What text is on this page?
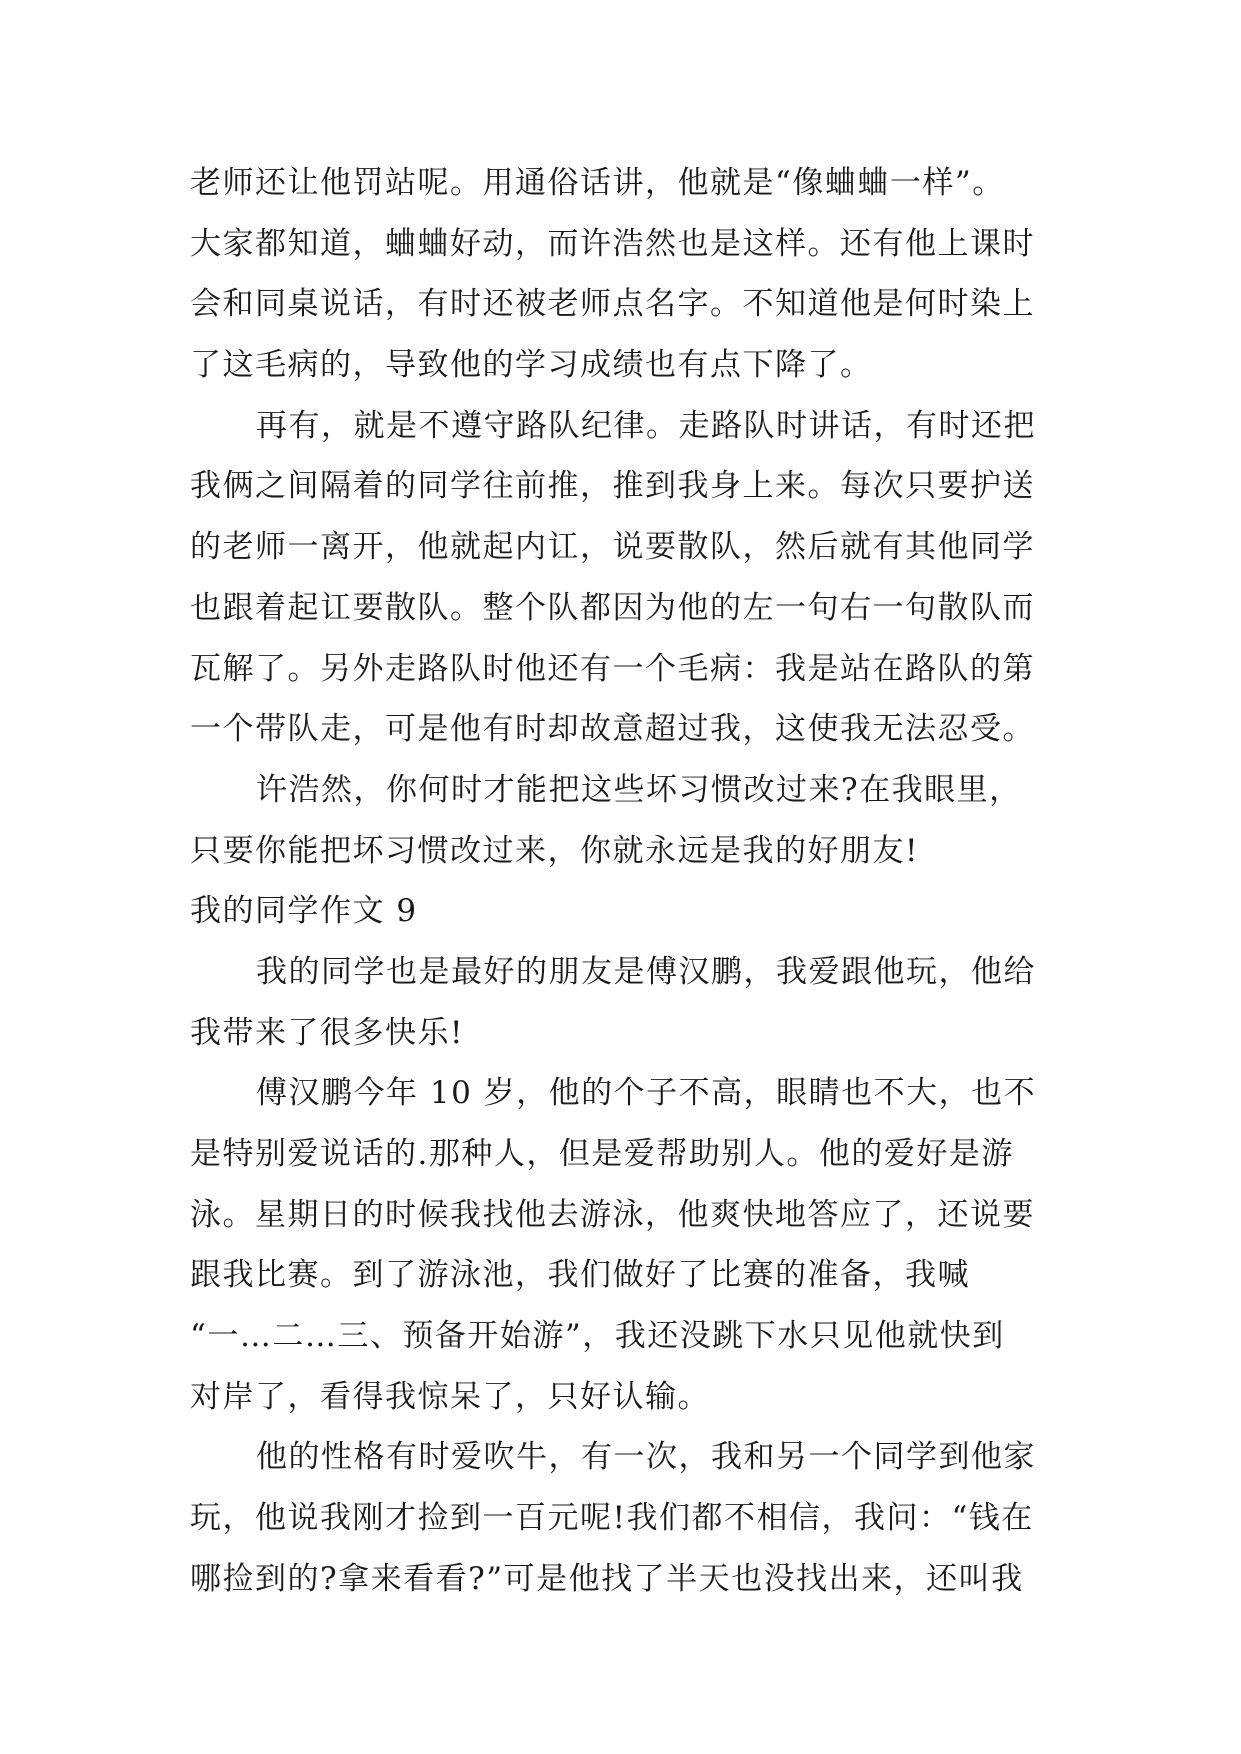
老师还让他罚站呢。用通俗话讲，他就是“像蛐蛐一样”。
大家都知道，蛐蛐好动，而许浩然也是这样。还有他上课时
会和同桌说话，有时还被老师点名字。不知道他是何时染上
了这毛病的，导致他的学习成绩也有点下降了。
再有，就是不遵守路队纪律。走路队时讲话，有时还把
我俩之间隔着的同学往前推，推到我身上来。每次只要护送
的老师一离开，他就起内讧，说要散队，然后就有其他同学
也跟着起讧要散队。整个队都因为他的左一句右一句散队而
瓦解了。另外走路队时他还有一个毛病：我是站在路队的第
一个带队走，可是他有时却故意超过我，这使我无法忍受。
许浩然，你何时才能把这些坏习惯改过来?在我眼里，
只要你能把坏习惯改过来，你就永远是我的好朋友!
我的同学作文 9
我的同学也是最好的朋友是傅汉鹏，我爱跟他玩，他给
我带来了很多快乐!
傅汉鹏今年 10 岁，他的个子不高，眼睛也不大，也不
是特别爱说话的.那种人，但是爱帮助别人。他的爱好是游
泳。星期日的时候我找他去游泳，他爽快地答应了，还说要
跟我比赛。到了游泳池，我们做好了比赛的准备，我喊
“一…二…三、预备开始游”，我还没跳下水只见他就快到
对岸了，看得我惊呆了，只好认输。
他的性格有时爱吹牛，有一次，我和另一个同学到他家
玩，他说我刚才捡到一百元呢!我们都不相信，我问：“钱在
哪捡到的?拿来看看?”可是他找了半天也没找出来，还叫我
